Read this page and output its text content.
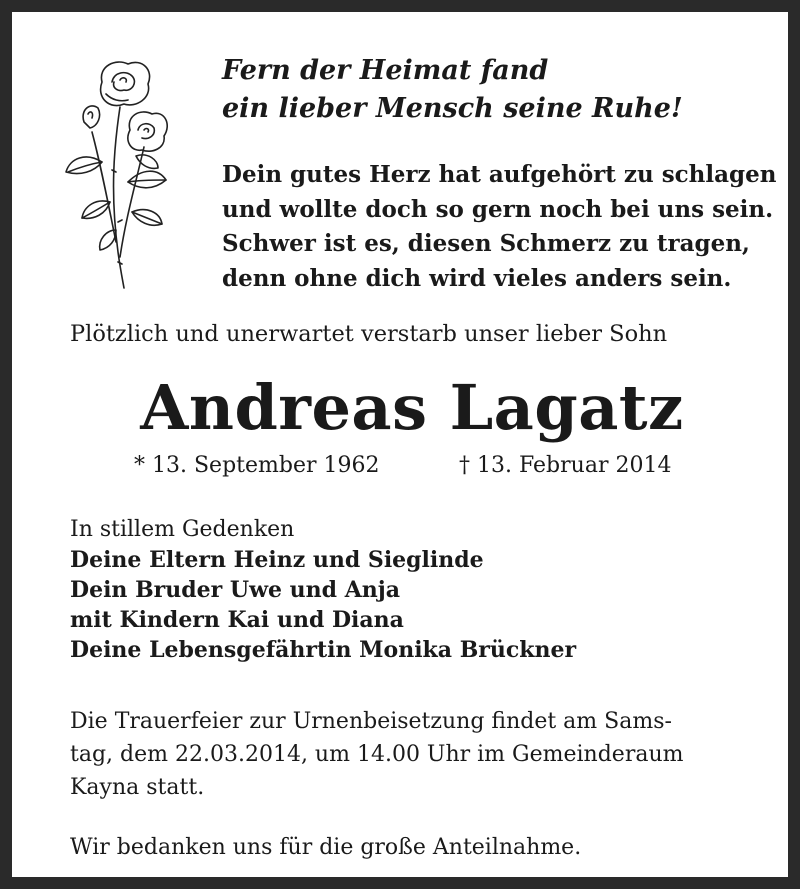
Fern der Heimat fand
ein lieber Mensch seine Ruhe!
Dein gutes Herz hat aufgehört zu schlagen
und wollte doch so gern noch bei uns sein.
Schwer ist es, diesen Schmerz zu tragen,
denn ohne dich wird vieles anders sein.
Plötzlich und unerwartet verstarb unser lieber Sohn
Andreas Lagatz
* 13. September 1962	† 13. Februar 2014
In stillem Gedenken
Deine Eltern Heinz und Sieglinde
Dein Bruder Uwe und Anja
mit Kindern Kai und Diana
Deine Lebensgefährtin Monika Brückner
Die Trauerfeier zur Urnenbeisetzung findet am Sams-
tag, dem 22.03.2014, um 14.00 Uhr im Gemeinderaum
Kayna statt.
Wir bedanken uns für die große Anteilnahme.
